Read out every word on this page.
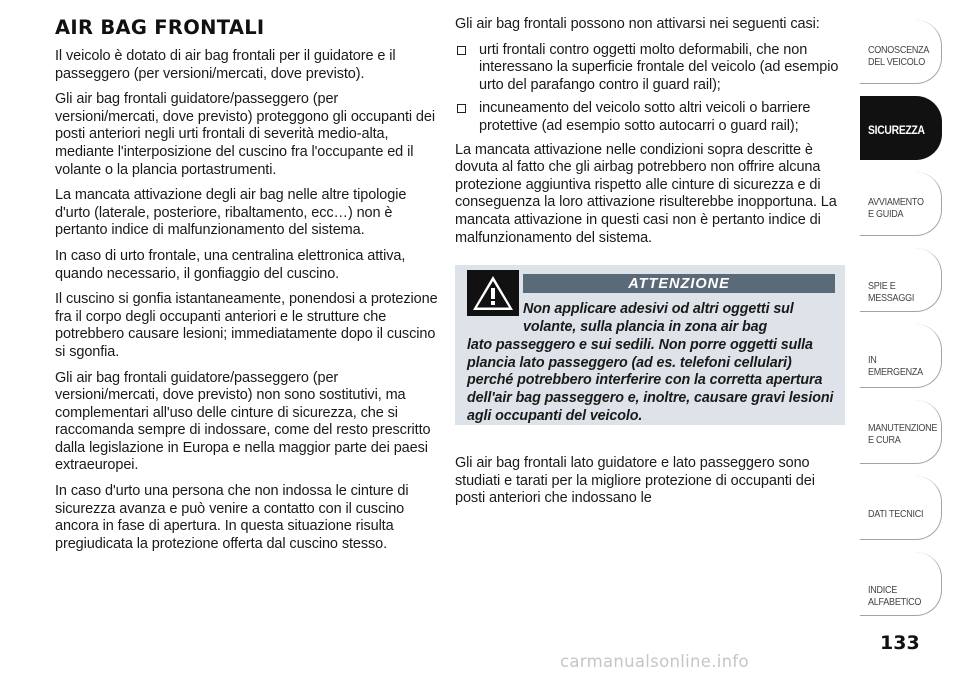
AIR BAG FRONTALI

Il veicolo è dotato di air bag frontali per il guidatore e il passeggero (per versioni/mercati, dove previsto).

Gli air bag frontali guidatore/passeggero (per versioni/mercati, dove previsto) proteggono gli occupanti dei posti anteriori negli urti frontali di severità medio-alta, mediante l'interposizione del cuscino fra l'occupante ed il volante o la plancia portastrumenti.

La mancata attivazione degli air bag nelle altre tipologie d'urto (laterale, posteriore, ribaltamento, ecc…) non è pertanto indice di malfunzionamento del sistema.

In caso di urto frontale, una centralina elettronica attiva, quando necessario, il gonfiaggio del cuscino.

Il cuscino si gonfia istantaneamente, ponendosi a protezione fra il corpo degli occupanti anteriori e le strutture che potrebbero causare lesioni; immediatamente dopo il cuscino si sgonfia.

Gli air bag frontali guidatore/passeggero (per versioni/mercati, dove previsto) non sono sostitutivi, ma complementari all'uso delle cinture di sicurezza, che si raccomanda sempre di indossare, come del resto prescritto dalla legislazione in Europa e nella maggior parte dei paesi extraeuropei.

In caso d'urto una persona che non indossa le cinture di sicurezza avanza e può venire a contatto con il cuscino ancora in fase di apertura. In questa situazione risulta pregiudicata la protezione offerta dal cuscino stesso.

Gli air bag frontali possono non attivarsi nei seguenti casi:

urti frontali contro oggetti molto deformabili, che non interessano la superficie frontale del veicolo (ad esempio urto del parafango contro il guard rail);
incuneamento del veicolo sotto altri veicoli o barriere protettive (ad esempio sotto autocarri o guard rail);

La mancata attivazione nelle condizioni sopra descritte è dovuta al fatto che gli airbag potrebbero non offrire alcuna protezione aggiuntiva rispetto alle cinture di sicurezza e di conseguenza la loro attivazione risulterebbe inopportuna. La mancata attivazione in questi casi non è pertanto indice di malfunzionamento del sistema.

ATTENZIONE

Non applicare adesivi od altri oggetti sul volante, sulla plancia in zona air bag
lato passeggero e sui sedili. Non porre oggetti sulla plancia lato passeggero (ad es. telefoni cellulari) perché potrebbero interferire con la corretta apertura dell'air bag passeggero e, inoltre, causare gravi lesioni agli occupanti del veicolo.

Gli air bag frontali lato guidatore e lato passeggero sono studiati e tarati per la migliore protezione di occupanti dei posti anteriori che indossano le

CONOSCENZA DEL VEICOLO
SICUREZZA
AVVIAMENTO E GUIDA
SPIE E MESSAGGI
IN EMERGENZA
MANUTENZIONE E CURA
DATI TECNICI
INDICE ALFABETICO
133
carmanualsonline.info
